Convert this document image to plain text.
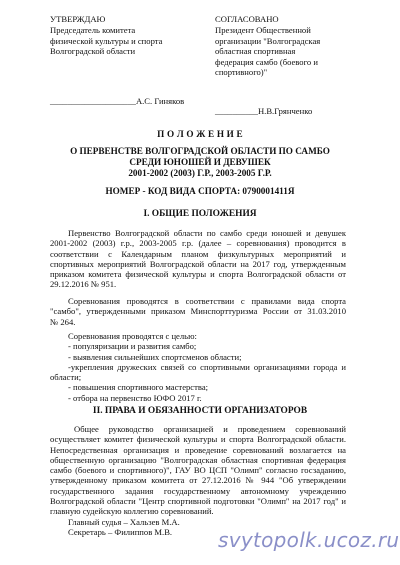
УТВЕРЖДАЮ
Председатель комитета
физической культуры и спорта
Волгоградской области
____________________А.С. Гиняков
СОГЛАСОВАНО
Президент Общественной
организации "Волгоградская
областная спортивная
федерация самбо (боевого и
спортивного)"
__________Н.В.Грянченко
П О Л О Ж Е Н И Е
О ПЕРВЕНСТВЕ ВОЛГОГРАДСКОЙ ОБЛАСТИ ПО САМБО
СРЕДИ ЮНОШЕЙ И ДЕВУШЕК
2001-2002 (2003) Г.Р., 2003-2005 Г.Р.
НОМЕР - КОД ВИДА СПОРТА: 0790001411Я
I. ОБЩИЕ ПОЛОЖЕНИЯ
Первенство Волгоградской области по самбо среди юношей и девушек
2001-2002 (2003) г.р., 2003-2005 г.р. (далее – соревнования) проводится в
соответствии с Календарным планом физкультурных мероприятий и
спортивных мероприятий Волгоградской области на 2017 год, утвержденным
приказом комитета физической культуры и спорта Волгоградской области от
29.12.2016 № 951.
Соревнования проводятся в соответствии с правилами вида спорта
"самбо", утвержденными приказом Минспорттуризма России от 31.03.2010
№ 264.
Соревнования проводятся с целью:
- популяризации и развития самбо;
- выявления сильнейших спортсменов области;
-укрепления дружеских связей со спортивными организациями города и
области;
- повышения спортивного мастерства;
- отбора на первенство ЮФО 2017 г.
II. ПРАВА И ОБЯЗАННОСТИ ОРГАНИЗАТОРОВ
Общее руководство организацией и проведением соревнований
осуществляет комитет физической культуры и спорта Волгоградской области.
Непосредственная организация и проведение соревнований возлагается на
общественную организацию "Волгоградская областная спортивная федерация
самбо (боевого и спортивного)", ГАУ ВО ЦСП "Олимп" согласно госзаданию,
утвержденному приказом комитета от 27.12.2016 № 944 "Об утверждении
государственного задания государственному автономному учреждению
Волгоградской области "Центр спортивной подготовки "Олимп" на 2017 год" и
главную судейскую коллегию соревнований.
Главный судья – Хальзев М.А.
Секретарь – Филиппов М.В.	svytopolk.ucoz.ru
